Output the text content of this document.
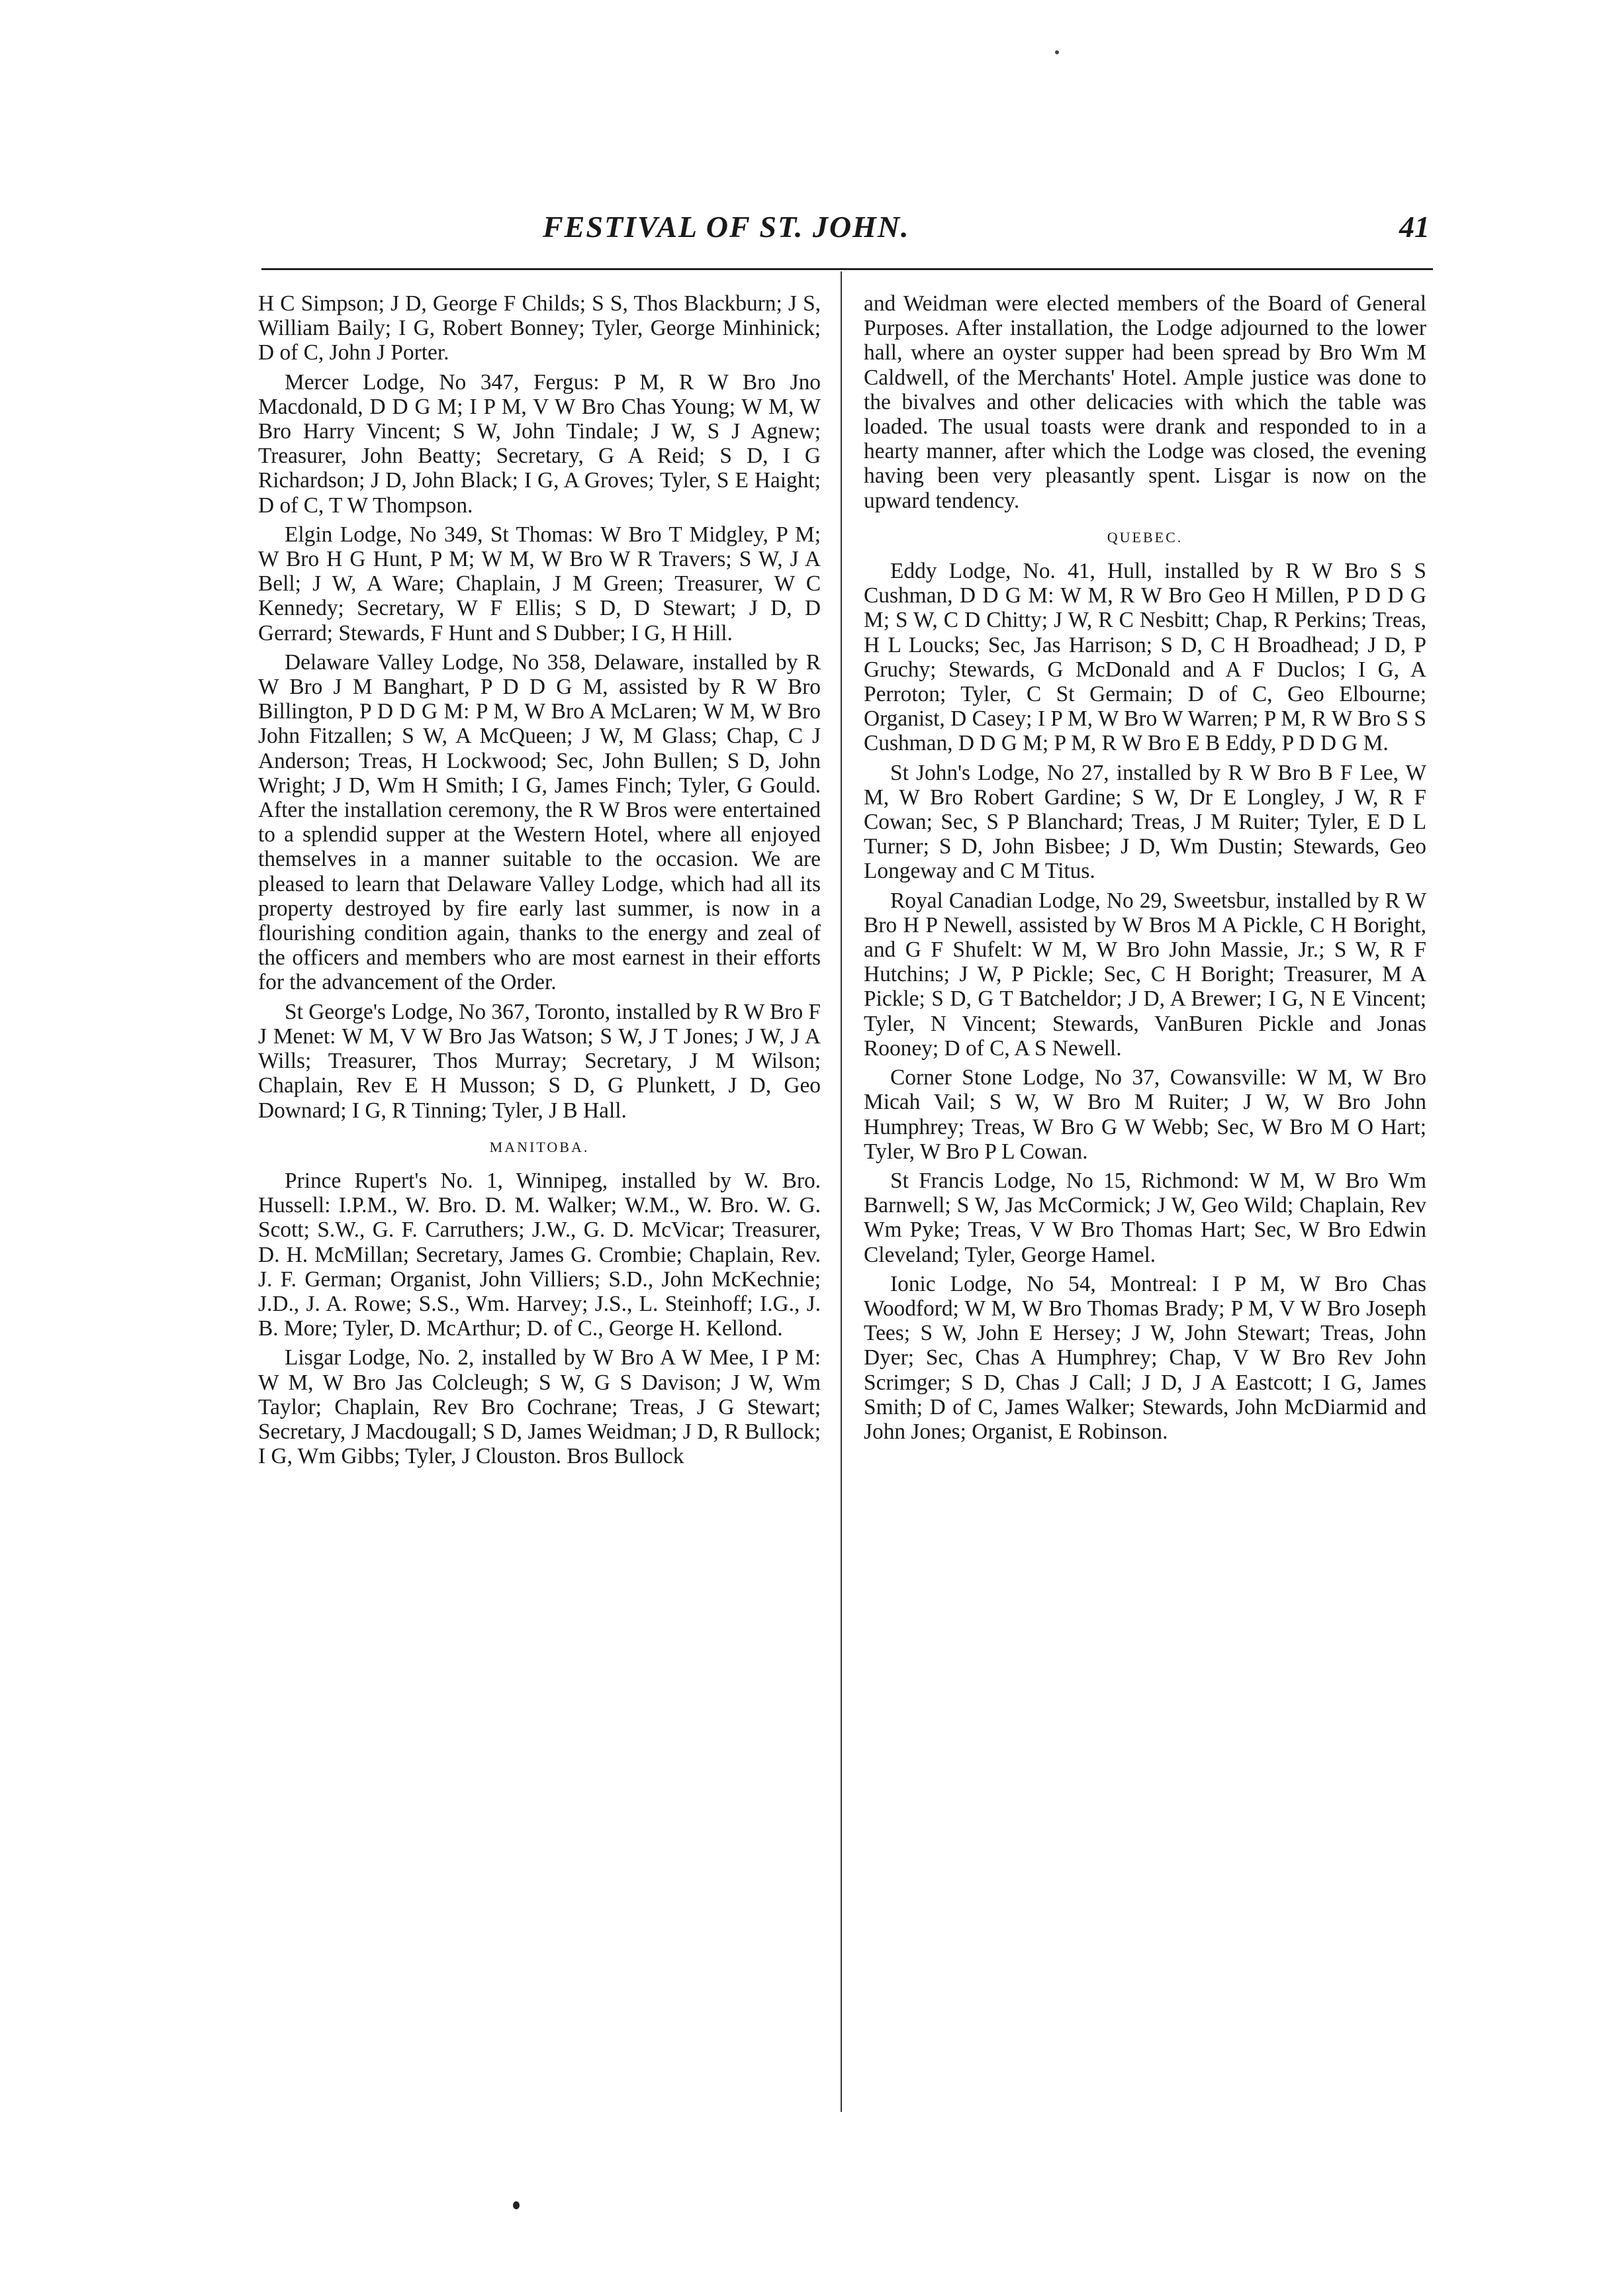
FESTIVAL OF ST. JOHN.	41

H C Simpson; J D, George F Childs; S S, Thos Blackburn; J S, William Baily; I G, Robert Bonney; Tyler, George Minhinick; D of C, John J Porter.

Mercer Lodge, No 347, Fergus: P M, R W Bro Jno Macdonald, D D G M; I P M, V W Bro Chas Young; W M, W Bro Harry Vincent; S W, John Tindale; J W, S J Agnew; Treasurer, John Beatty; Secretary, G A Reid; S D, I G Richardson; J D, John Black; I G, A Groves; Tyler, S E Haight; D of C, T W Thompson.

Elgin Lodge, No 349, St Thomas: W Bro T Midgley, P M; W Bro H G Hunt, P M; W M, W Bro W R Travers; S W, J A Bell; J W, A Ware; Chaplain, J M Green; Treasurer, W C Kennedy; Secretary, W F Ellis; S D, D Stewart; J D, D Gerrard; Stewards, F Hunt and S Dubber; I G, H Hill.

Delaware Valley Lodge, No 358, Delaware, installed by R W Bro J M Banghart, P D D G M, assisted by R W Bro Billington, P D D G M: P M, W Bro A McLaren; W M, W Bro John Fitzallen; S W, A McQueen; J W, M Glass; Chap, C J Anderson; Treas, H Lockwood; Sec, John Bullen; S D, John Wright; J D, Wm H Smith; I G, James Finch; Tyler, G Gould. After the installation ceremony, the R W Bros were entertained to a splendid supper at the Western Hotel, where all enjoyed themselves in a manner suitable to the occasion. We are pleased to learn that Delaware Valley Lodge, which had all its property destroyed by fire early last summer, is now in a flourishing condition again, thanks to the energy and zeal of the officers and members who are most earnest in their efforts for the advancement of the Order.

St George's Lodge, No 367, Toronto, installed by R W Bro F J Menet: W M, V W Bro Jas Watson; S W, J T Jones; J W, J A Wills; Treasurer, Thos Murray; Secretary, J M Wilson; Chaplain, Rev E H Musson; S D, G Plunkett, J D, Geo Downard; I G, R Tinning; Tyler, J B Hall.

MANITOBA.

Prince Rupert's No. 1, Winnipeg, installed by W. Bro. Hussell: I.P.M., W. Bro. D. M. Walker; W.M., W. Bro. W. G. Scott; S.W., G. F. Carruthers; J.W., G. D. McVicar; Treasurer, D. H. McMillan; Secretary, James G. Crombie; Chaplain, Rev. J. F. German; Organist, John Villiers; S.D., John McKechnie; J.D., J. A. Rowe; S.S., Wm. Harvey; J.S., L. Steinhoff; I.G., J. B. More; Tyler, D. McArthur; D. of C., George H. Kellond.

Lisgar Lodge, No. 2, installed by W Bro A W Mee, I P M: W M, W Bro Jas Colcleugh; S W, G S Davison; J W, Wm Taylor; Chaplain, Rev Bro Cochrane; Treas, J G Stewart; Secretary, J Macdougall; S D, James Weidman; J D, R Bullock; I G, Wm Gibbs; Tyler, J Clouston. Bros Bullock

and Weidman were elected members of the Board of General Purposes. After installation, the Lodge adjourned to the lower hall, where an oyster supper had been spread by Bro Wm M Caldwell, of the Merchants' Hotel. Ample justice was done to the bivalves and other delicacies with which the table was loaded. The usual toasts were drank and responded to in a hearty manner, after which the Lodge was closed, the evening having been very pleasantly spent. Lisgar is now on the upward tendency.

QUEBEC.

Eddy Lodge, No. 41, Hull, installed by R W Bro S S Cushman, D D G M: W M, R W Bro Geo H Millen, P D D G M; S W, C D Chitty; J W, R C Nesbitt; Chap, R Perkins; Treas, H L Loucks; Sec, Jas Harrison; S D, C H Broadhead; J D, P Gruchy; Stewards, G McDonald and A F Duclos; I G, A Perroton; Tyler, C St Germain; D of C, Geo Elbourne; Organist, D Casey; I P M, W Bro W Warren; P M, R W Bro S S Cushman, D D G M; P M, R W Bro E B Eddy, P D D G M.

St John's Lodge, No 27, installed by R W Bro B F Lee, W M, W Bro Robert Gardine; S W, Dr E Longley, J W, R F Cowan; Sec, S P Blanchard; Treas, J M Ruiter; Tyler, E D L Turner; S D, John Bisbee; J D, Wm Dustin; Stewards, Geo Longeway and C M Titus.

Royal Canadian Lodge, No 29, Sweetsbur, installed by R W Bro H P Newell, assisted by W Bros M A Pickle, C H Boright, and G F Shufelt: W M, W Bro John Massie, Jr.; S W, R F Hutchins; J W, P Pickle; Sec, C H Boright; Treasurer, M A Pickle; S D, G T Batcheldor; J D, A Brewer; I G, N E Vincent; Tyler, N Vincent; Stewards, VanBuren Pickle and Jonas Rooney; D of C, A S Newell.

Corner Stone Lodge, No 37, Cowansville: W M, W Bro Micah Vail; S W, W Bro M Ruiter; J W, W Bro John Humphrey; Treas, W Bro G W Webb; Sec, W Bro M O Hart; Tyler, W Bro P L Cowan.

St Francis Lodge, No 15, Richmond: W M, W Bro Wm Barnwell; S W, Jas McCormick; J W, Geo Wild; Chaplain, Rev Wm Pyke; Treas, V W Bro Thomas Hart; Sec, W Bro Edwin Cleveland; Tyler, George Hamel.

Ionic Lodge, No 54, Montreal: I P M, W Bro Chas Woodford; W M, W Bro Thomas Brady; P M, V W Bro Joseph Tees; S W, John E Hersey; J W, John Stewart; Treas, John Dyer; Sec, Chas A Humphrey; Chap, V W Bro Rev John Scrimger; S D, Chas J Call; J D, J A Eastcott; I G, James Smith; D of C, James Walker; Stewards, John McDiarmid and John Jones; Organist, E Robinson.
